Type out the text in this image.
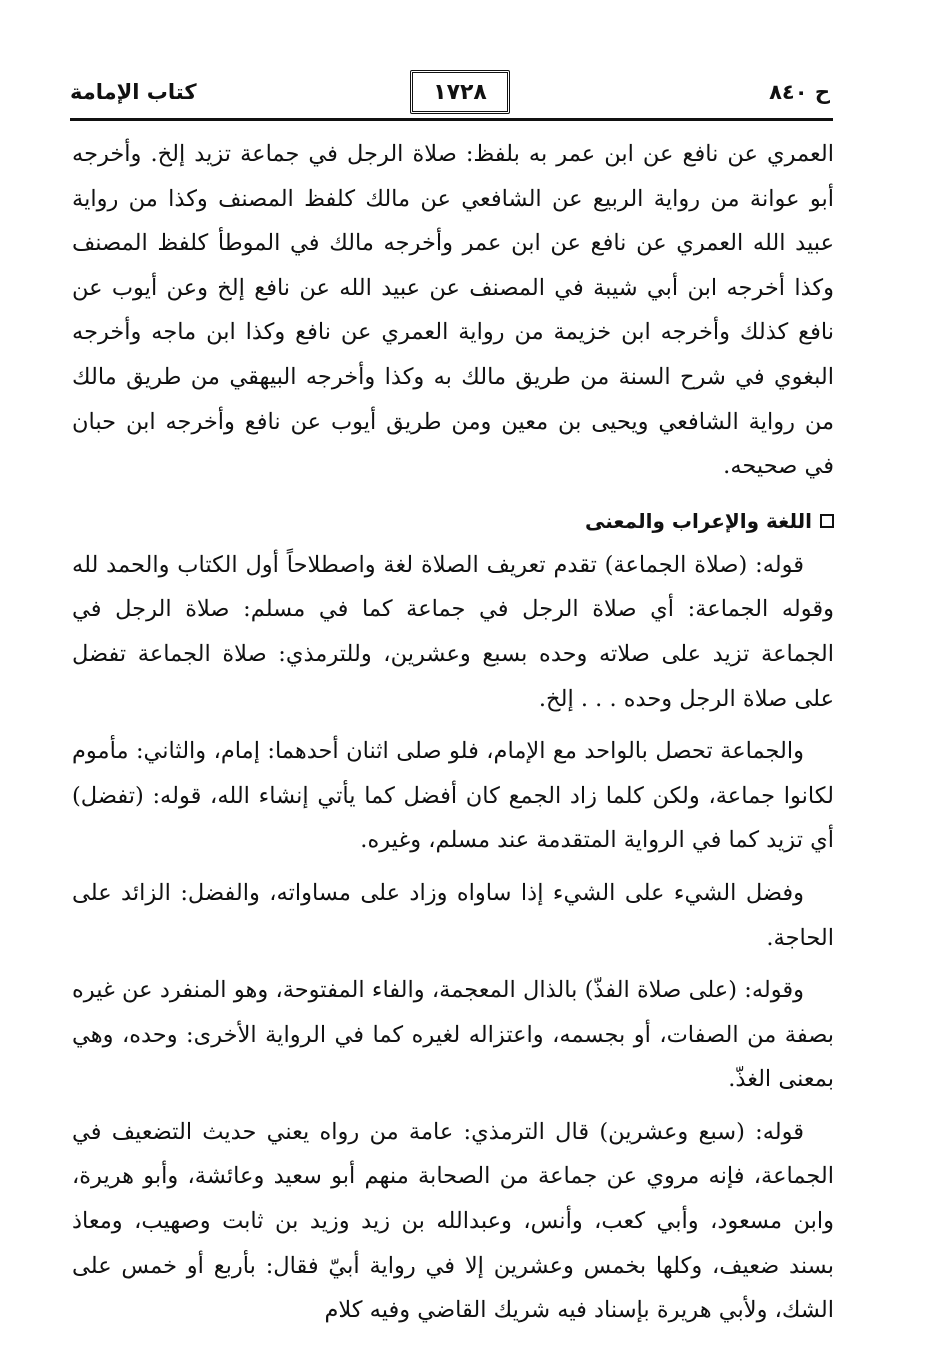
ح ٨٤٠
١٧٢٨
كتاب الإمامة

العمري عن نافع عن ابن عمر به بلفظ: صلاة الرجل في جماعة تزيد إلخ. وأخرجه أبو عوانة من رواية الربيع عن الشافعي عن مالك كلفظ المصنف وكذا من رواية عبيد الله العمري عن نافع عن ابن عمر وأخرجه مالك في الموطأ كلفظ المصنف وكذا أخرجه ابن أبي شيبة في المصنف عن عبيد الله عن نافع إلخ وعن أيوب عن نافع كذلك وأخرجه ابن خزيمة من رواية العمري عن نافع وكذا ابن ماجه وأخرجه البغوي في شرح السنة من طريق مالك به وكذا وأخرجه البيهقي من طريق مالك من رواية الشافعي ويحيى بن معين ومن طريق أيوب عن نافع وأخرجه ابن حبان في صحيحه.

اللغة والإعراب والمعنى

قوله: (صلاة الجماعة) تقدم تعريف الصلاة لغة واصطلاحاً أول الكتاب والحمد لله وقوله الجماعة: أي صلاة الرجل في جماعة كما في مسلم: صلاة الرجل في الجماعة تزيد على صلاته وحده بسبع وعشرين، وللترمذي: صلاة الجماعة تفضل على صلاة الرجل وحده . . . إلخ.

والجماعة تحصل بالواحد مع الإمام، فلو صلى اثنان أحدهما: إمام، والثاني: مأموم لكانوا جماعة، ولكن كلما زاد الجمع كان أفضل كما يأتي إنشاء الله، قوله: (تفضل) أي تزيد كما في الرواية المتقدمة عند مسلم، وغيره.

وفضل الشيء على الشيء إذا ساواه وزاد على مساواته، والفضل: الزائد على الحاجة.

وقوله: (على صلاة الفذّ) بالذال المعجمة، والفاء المفتوحة، وهو المنفرد عن غيره بصفة من الصفات، أو بجسمه، واعتزاله لغيره كما في الرواية الأخرى: وحده، وهي بمعنى الغذّ.

قوله: (سبع وعشرين) قال الترمذي: عامة من رواه يعني حديث التضعيف في الجماعة، فإنه مروي عن جماعة من الصحابة منهم أبو سعيد وعائشة، وأبو هريرة، وابن مسعود، وأبي كعب، وأنس، وعبدالله بن زيد وزيد بن ثابت وصهيب، ومعاذ بسند ضعيف، وكلها بخمس وعشرين إلا في رواية أبيّ فقال: بأربع أو خمس على الشك، ولأبي هريرة بإسناد فيه شريك القاضي وفيه كلام
